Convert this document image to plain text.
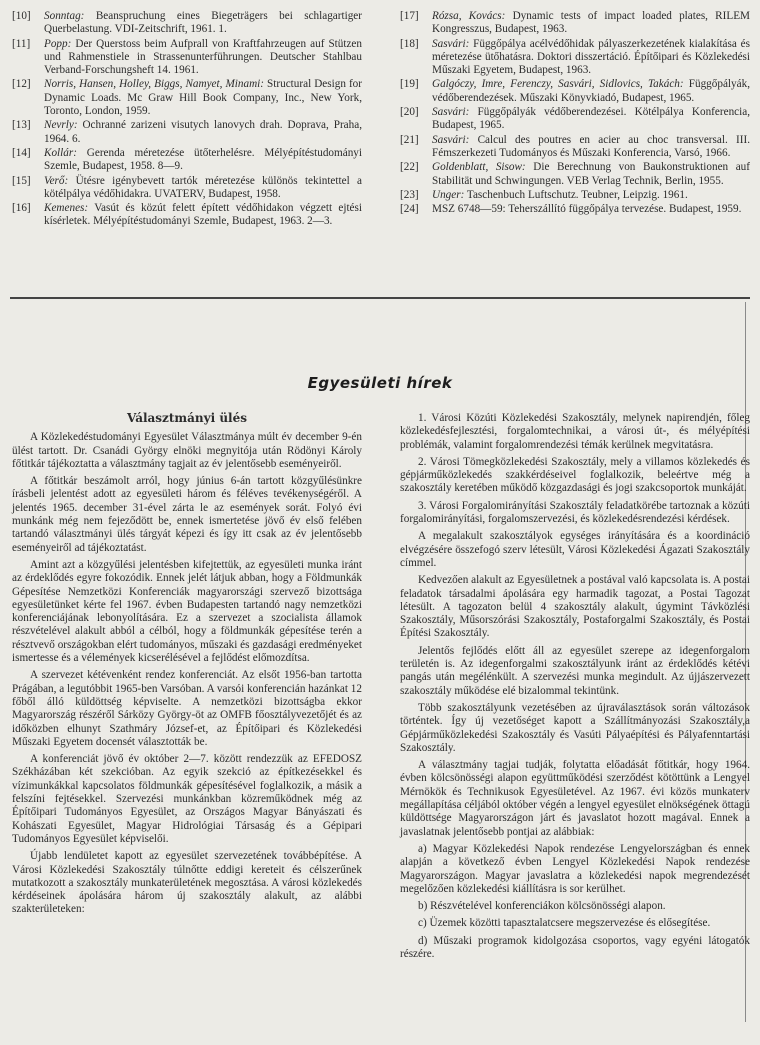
[10]	Sonntag: Beanspruchung eines Biegeträgers bei schlagartiger Querbelastung. VDI-Zeitschrift, 1961. 1.
[11]	Popp: Der Querstoss beim Aufprall von Kraftfahrzeugen auf Stützen und Rahmenstiele in Strassenunterführungen. Deutscher Stahlbau Verband-Forschungsheft 14. 1961.
[12]	Norris, Hansen, Holley, Biggs, Namyet, Minami: Structural Design for Dynamic Loads. Mc Graw Hill Book Company, Inc., New York, Toronto, London, 1959.
[13]	Nevrly: Ochranné zarizeni visutych lanovych drah. Doprava, Praha, 1964. 6.
[14]	Kollár: Gerenda méretezése ütőterhelésre. Mélyépítéstudományi Szemle, Budapest, 1958. 8—9.
[15]	Verő: Ütésre igénybevett tartók méretezése különös tekintettel a kötélpálya védőhidakra. UVATERV, Budapest, 1958.
[16]	Kemenes: Vasút és közút felett épített védőhidakon végzett ejtési kísérletek. Mélyépítéstudományi Szemle, Budapest, 1963. 2—3.
[17]	Rózsa, Kovács: Dynamic tests of impact loaded plates, RILEM Kongresszus, Budapest, 1963.
[18]	Sasvári: Függőpálya acélvédőhidak pályaszerkezetének kialakítása és méretezése ütőhatásra. Doktori disszertáció. Építőipari és Közlekedési Műszaki Egyetem, Budapest, 1963.
[19]	Galgóczy, Imre, Ferenczy, Sasvári, Sidlovics, Takách: Függőpályák, védőberendezések. Műszaki Könyvkiadó, Budapest, 1965.
[20]	Sasvári: Függőpályák védőberendezései. Kötélpálya Konferencia, Budapest, 1965.
[21]	Sasvári: Calcul des poutres en acier au choc transversal. III. Fémszerkezeti Tudományos és Műszaki Konferencia, Varsó, 1966.
[22]	Goldenblatt, Sisow: Die Berechnung von Baukonstruktionen auf Stabilität und Schwingungen. VEB Verlag Technik, Berlin, 1955.
[23]	Unger: Taschenbuch Luftschutz. Teubner, Leipzig. 1961.
[24]	MSZ 6748—59: Teherszállító függőpálya tervezése. Budapest, 1959.
Egyesületi hírek
Választmányi ülés

A Közlekedéstudományi Egyesület Választmánya múlt év december 9-én ülést tartott. Dr. Csanádi György elnöki megnyitója után Rödönyi Károly főtitkár tájékoztatta a választmány tagjait az év jelentősebb eseményeiről.

A főtitkár beszámolt arról, hogy június 6-án tartott közgyűlésünkre írásbeli jelentést adott az egyesületi három és féléves tevékenységéről. A jelentés 1965. december 31-ével zárta le az események sorát. Folyó évi munkánk még nem fejeződött be, ennek ismertetése jövő év első felében tartandó választmányi ülés tárgyát képezi és így itt csak az év jelentősebb eseményeiről ad tájékoztatást.

Amint azt a közgyűlési jelentésben kifejtettük, az egyesületi munka iránt az érdeklődés egyre fokozódik. Ennek jelét látjuk abban, hogy a Földmunkák Gépesítése Nemzetközi Konferenciák magyarországi szervező bizottsága egyesületünket kérte fel 1967. évben Budapesten tartandó nagy nemzetközi konferenciájának lebonyolítására. Ez a szervezet a szocialista államok részvételével alakult abból a célból, hogy a földmunkák gépesítése terén a résztvevő országokban elért tudományos, műszaki és gazdasági eredményeket ismertesse és a vélemények kicserélésével a fejlődést előmozdítsa.

A szervezet kétévenként rendez konferenciát. Az elsőt 1956-ban tartotta Prágában, a legutóbbit 1965-ben Varsóban. A varsói konferencián hazánkat 12 főből álló küldöttség képviselte. A nemzetközi bizottságba ekkor Magyarország részéről Sárközy György-öt az OMFB főosztályvezetőjét és az időközben elhunyt Szathmáry József-et, az Építőipari és Közlekedési Műszaki Egyetem docensét választották be.

A konferenciát jövő év október 2—7. között rendezzük az EFEDOSZ Székházában két szekcióban. Az egyik szekció az építkezésekkel és vízimunkákkal kapcsolatos földmunkák gépesítésével foglalkozik, a másik a felszíni fejtésekkel. Szervezési munkánkban közreműködnek még az Építőipari Tudományos Egyesület, az Országos Magyar Bányászati és Kohászati Egyesület, Magyar Hidrológiai Társaság és a Gépipari Tudományos Egyesület képviselői.

Újabb lendületet kapott az egyesület szervezetének továbbépítése. A Városi Közlekedési Szakosztály túlnőtte eddigi kereteit és célszerűnek mutatkozott a szakosztály munkaterületének megosztása. A városi közlekedés kérdéseinek ápolására három új szakosztály alakult, az alábbi szakterületeken:

1. Városi Közúti Közlekedési Szakosztály, melynek napirendjén, főleg közlekedésfejlesztési, forgalomtechnikai, a városi út-, és mélyépítési problémák, valamint forgalomrendezési témák kerülnek megvitatásra.

2. Városi Tömegközlekedési Szakosztály, mely a villamos közlekedés és gépjárműközlekedés szakkérdéseivel foglalkozik, beleértve még a szakosztály keretében működő közgazdasági és jogi szakcsoportok munkáját.

3. Városi Forgalomirányítási Szakosztály feladatkörébe tartoznak a közúti forgalomirányítási, forgalomszervezési, és közlekedésrendezési kérdések.

A megalakult szakosztályok egységes irányítására és a koordináció elvégzésére összefogó szerv létesült, Városi Közlekedési Ágazati Szakosztály címmel.

Kedvezően alakult az Egyesületnek a postával való kapcsolata is. A postai feladatok társadalmi ápolására egy harmadik tagozat, a Postai Tagozat létesült. A tagozaton belül 4 szakosztály alakult, úgymint Távközlési Szakosztály, Műsorszórási Szakosztály, Postaforgalmi Szakosztály, és Postai Építési Szakosztály.

Jelentős fejlődés előtt áll az egyesület szerepe az idegenforgalom területén is. Az idegenforgalmi szakosztályunk iránt az érdeklődés kétévi pangás után megélénkült. A szervezési munka megindult. Az újjászervezett szakosztály működése elé bizalommal tekintünk.

Több szakosztályunk vezetésében az újraválasztások során változások történtek. Így új vezetőséget kapott a Szállítmányozási Szakosztály,a Gépjárműközlekedési Szakosztály és Vasúti Pályaépítési és Pályafenntartási Szakosztály.

A választmány tagjai tudják, folytatta előadását főtitkár, hogy 1964. évben kölcsönösségi alapon együttműködési szerződést kötöttünk a Lengyel Mérnökök és Technikusok Egyesületével. Az 1967. évi közös munkaterv megállapítása céljából október végén a lengyel egyesület elnökségének öttagú küldöttsége Magyarországon járt és javaslatot hozott magával. Ennek a javaslatnak jelentősebb pontjai az alábbiak:

a) Magyar Közlekedési Napok rendezése Lengyelországban és ennek alapján a következő évben Lengyel Közlekedési Napok rendezése Magyarországon. Magyar javaslatra a közlekedési napok megrendezését megelőzően közlekedési kiállításra is sor kerülhet.

b) Részvételével konferenciákon kölcsönösségi alapon.

c) Üzemek közötti tapasztalatcsere megszervezése és elősegítése.

d) Műszaki programok kidolgozása csoportos, vagy egyéni látogatók részére.
